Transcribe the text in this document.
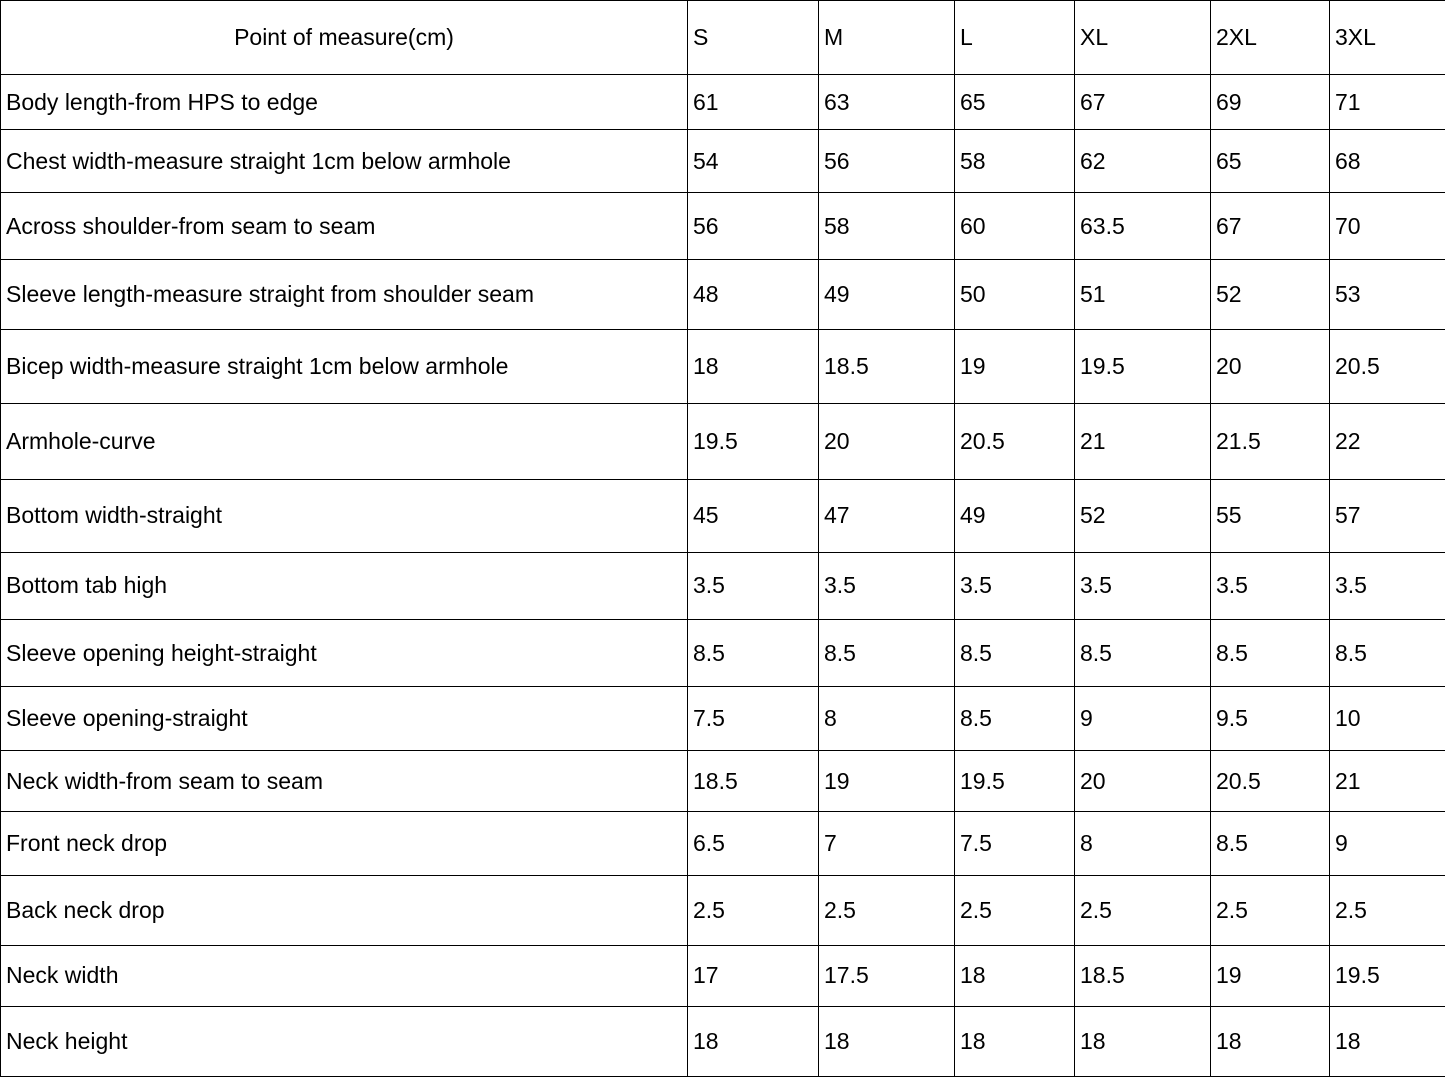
Point of measure(cm)	S	M	L	XL	2XL	3XL
Body length-from HPS to edge	61	63	65	67	69	71
Chest width-measure straight 1cm below armhole	54	56	58	62	65	68
Across shoulder-from seam to seam	56	58	60	63.5	67	70
Sleeve length-measure straight from shoulder seam	48	49	50	51	52	53
Bicep width-measure straight 1cm below armhole	18	18.5	19	19.5	20	20.5
Armhole-curve	19.5	20	20.5	21	21.5	22
Bottom width-straight	45	47	49	52	55	57
Bottom tab high	3.5	3.5	3.5	3.5	3.5	3.5
Sleeve opening height-straight	8.5	8.5	8.5	8.5	8.5	8.5
Sleeve opening-straight	7.5	8	8.5	9	9.5	10
Neck width-from seam to seam	18.5	19	19.5	20	20.5	21
Front neck drop	6.5	7	7.5	8	8.5	9
Back neck drop	2.5	2.5	2.5	2.5	2.5	2.5
Neck width	17	17.5	18	18.5	19	19.5
Neck height	18	18	18	18	18	18
